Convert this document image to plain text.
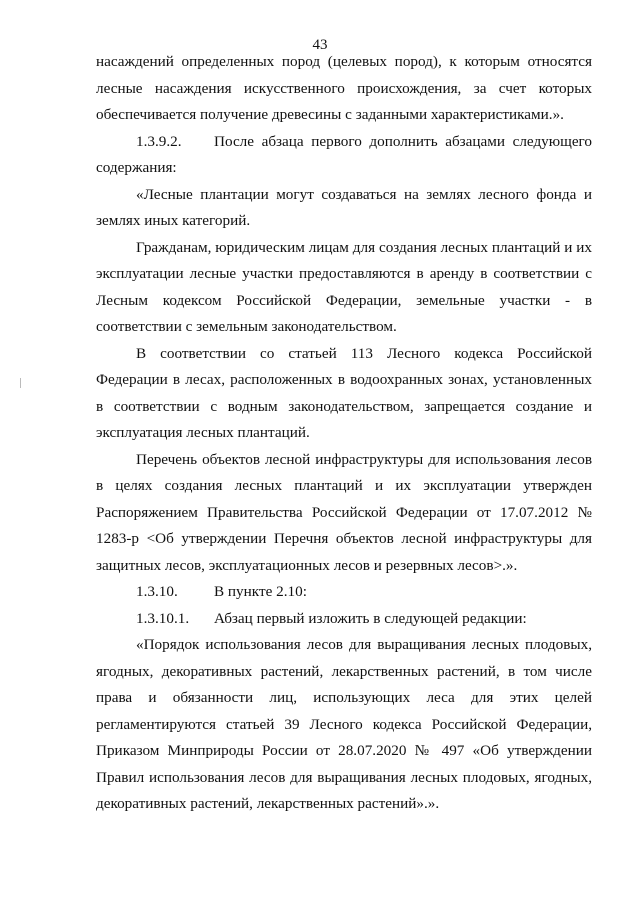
43

насаждений определенных пород (целевых пород), к которым относятся лесные насаждения искусственного происхождения, за счет которых обеспечивается получение древесины с заданными характеристиками.».

1.3.9.2. После абзаца первого дополнить абзацами следующего содержания:

«Лесные плантации могут создаваться на землях лесного фонда и землях иных категорий.

Гражданам, юридическим лицам для создания лесных плантаций и их эксплуатации лесные участки предоставляются в аренду в соответствии с Лесным кодексом Российской Федерации, земельные участки - в соответствии с земельным законодательством.

В соответствии со статьей 113 Лесного кодекса Российской Федерации в лесах, расположенных в водоохранных зонах, установленных в соответствии с водным законодательством, запрещается создание и эксплуатация лесных плантаций.

Перечень объектов лесной инфраструктуры для использования лесов в целях создания лесных плантаций и их эксплуатации утвержден Распоряжением Правительства Российской Федерации от 17.07.2012 № 1283-р <Об утверждении Перечня объектов лесной инфраструктуры для защитных лесов, эксплуатационных лесов и резервных лесов>.».

1.3.10. В пункте 2.10:

1.3.10.1. Абзац первый изложить в следующей редакции:

«Порядок использования лесов для выращивания лесных плодовых, ягодных, декоративных растений, лекарственных растений, в том числе права и обязанности лиц, использующих леса для этих целей регламентируются статьей 39 Лесного кодекса Российской Федерации, Приказом Минприроды России от 28.07.2020 № 497 «Об утверждении Правил использования лесов для выращивания лесных плодовых, ягодных, декоративных растений, лекарственных растений».».
